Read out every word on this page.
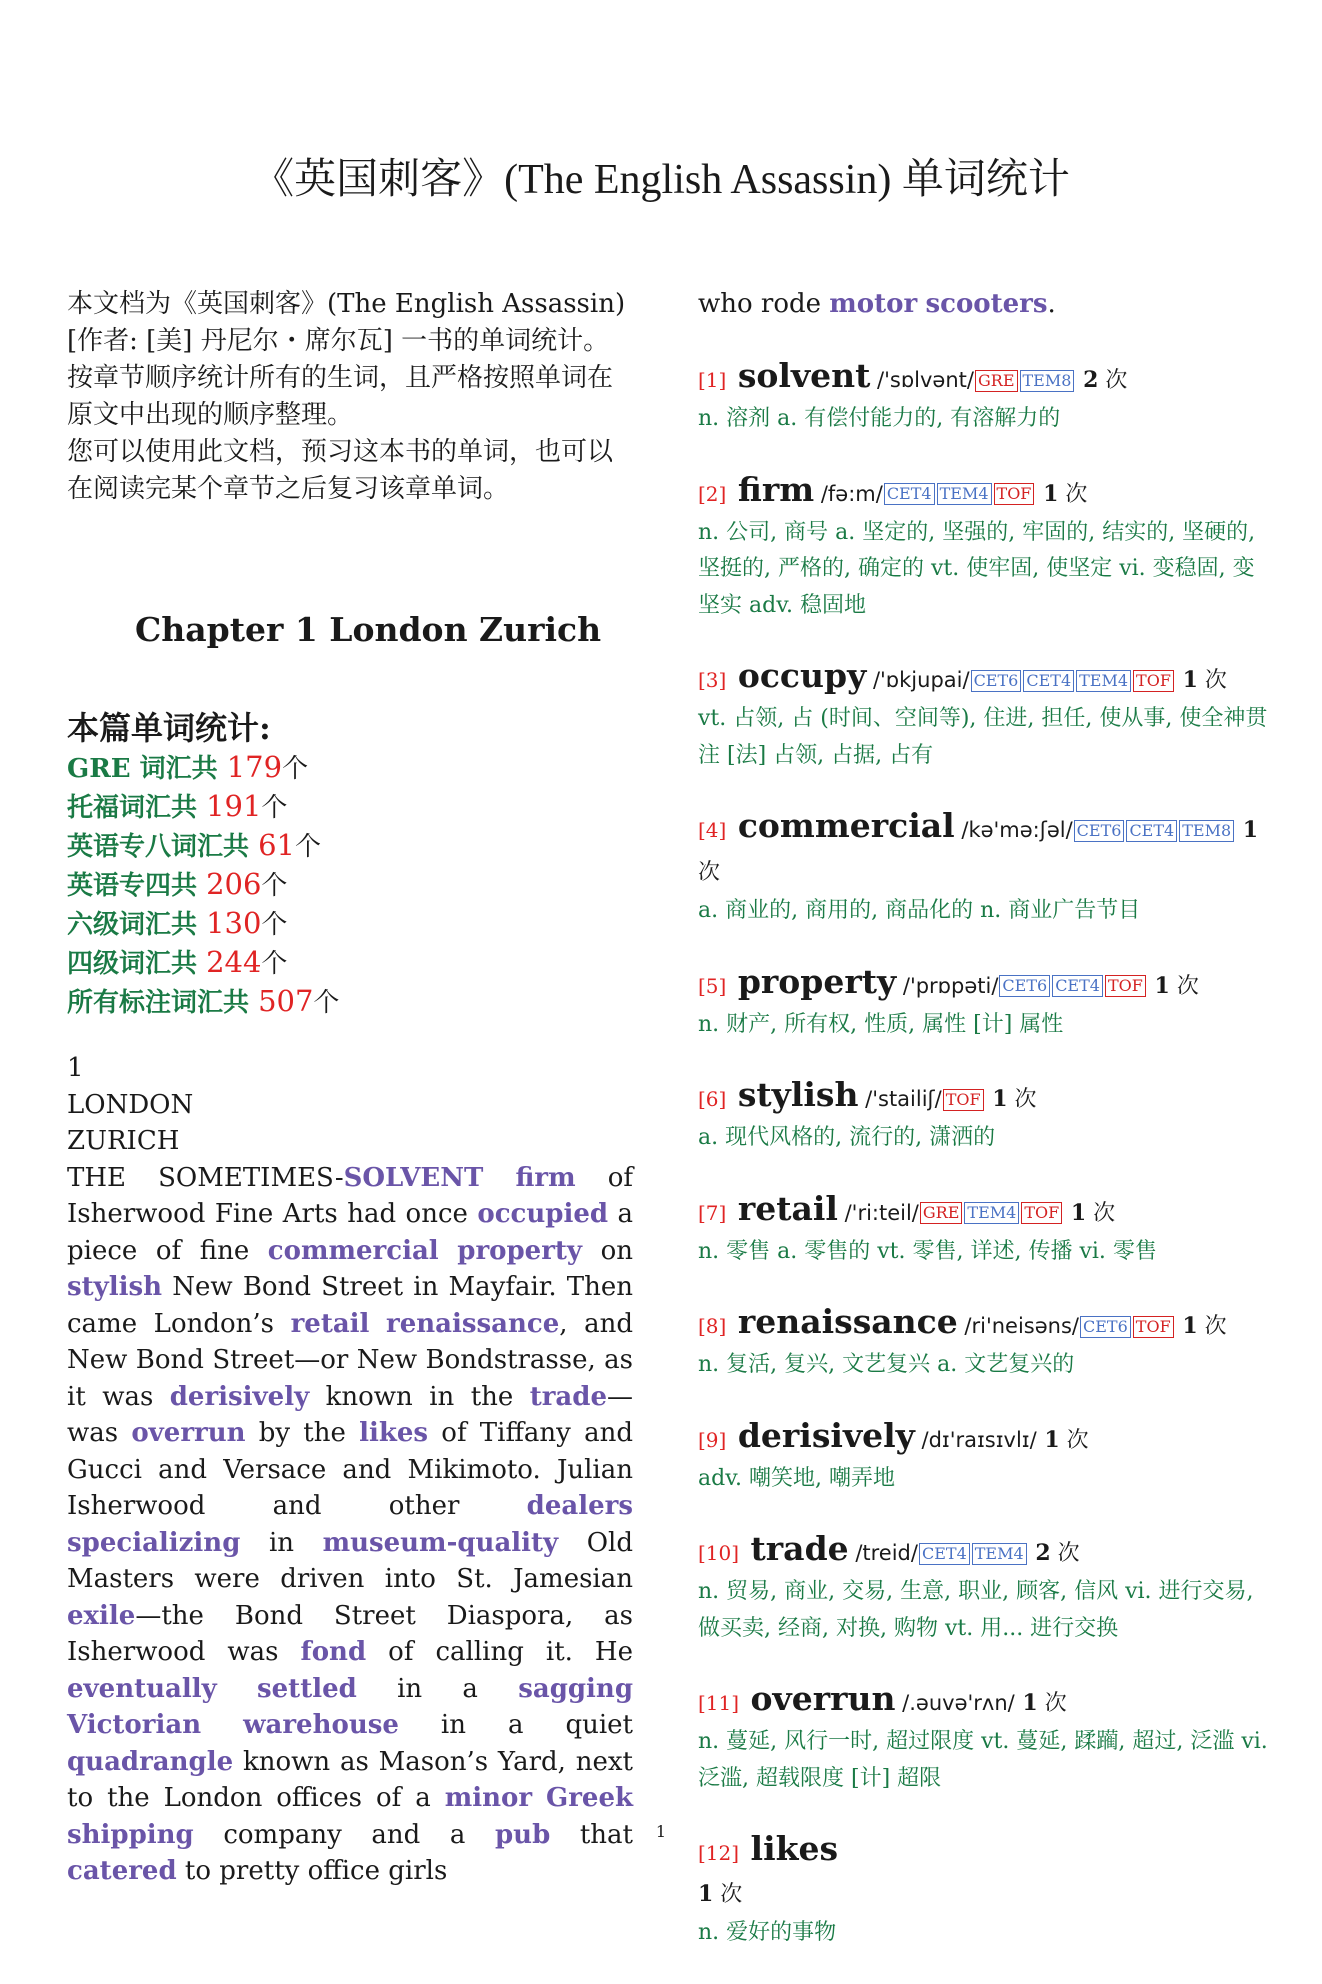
《英国刺客》(The English Assassin) 单词统计

本文档为《英国刺客》(The English Assassin)[作者: [美] 丹尼尔・席尔瓦] 一书的单词统计。

按章节顺序统计所有的生词，且严格按照单词在原文中出现的顺序整理。

您可以使用此文档，预习这本书的单词，也可以在阅读完某个章节之后复习该章单词。

Chapter 1 London Zurich
本篇单词统计:
GRE 词汇共 179个
托福词汇共 191个
英语专八词汇共 61个
英语专四共 206个
六级词汇共 130个
四级词汇共 244个
所有标注词汇共 507个
1
LONDON
ZURICH
THE SOMETIMES-SOLVENT firm of Isherwood Fine Arts had once occupied a piece of fine commercial property on stylish New Bond Street in Mayfair. Then came London’s retail renaissance, and New Bond Street—or New Bondstrasse, as it was derisively known in the trade—was overrun by the likes of Tiffany and Gucci and Versace and Mikimoto. Julian Isherwood and other dealers specializing in museum-quality Old Masters were driven into St. Jamesian exile—the Bond Street Diaspora, as Isherwood was fond of calling it. He eventually settled in a sagging Victorian warehouse in a quiet quadrangle known as Mason’s Yard, next to the London offices of a minor Greek shipping company and a pub that catered to pretty office girls
who rode motor scooters.
[1] solvent /'sɒlvənt/ GRE TEM8 2 次
n. 溶剂 a. 有偿付能力的, 有溶解力的
[2] firm /fə:m/ CET4 TEM4 TOF 1 次
n. 公司, 商号 a. 坚定的, 坚强的, 牢固的, 结实的, 坚硬的, 坚挺的, 严格的, 确定的 vt. 使牢固, 使坚定 vi. 变稳固, 变坚实 adv. 稳固地
[3] occupy /'ɒkjupai/ CET6 CET4 TEM4 TOF 1 次
vt. 占领, 占 (时间、空间等), 住进, 担任, 使从事, 使全神贯注 [法] 占领, 占据, 占有
[4] commercial /kə'mə:ʃəl/ CET6 CET4 TEM8 1 次
a. 商业的, 商用的, 商品化的 n. 商业广告节目
[5] property /'prɒpəti/ CET6 CET4 TOF 1 次
n. 财产, 所有权, 性质, 属性 [计] 属性
[6] stylish /'stailiʃ/ TOF 1 次
a. 现代风格的, 流行的, 潇洒的
[7] retail /'ri:teil/ GRE TEM4 TOF 1 次
n. 零售 a. 零售的 vt. 零售, 详述, 传播 vi. 零售
[8] renaissance /ri'neisəns/ CET6 TOF 1 次
n. 复活, 复兴, 文艺复兴 a. 文艺复兴的
[9] derisively /dɪ'raɪsɪvlɪ/ 1 次
adv. 嘲笑地, 嘲弄地
[10] trade /treid/ CET4 TEM4 2 次
n. 贸易, 商业, 交易, 生意, 职业, 顾客, 信风 vi. 进行交易, 做买卖, 经商, 对换, 购物 vt. 用... 进行交换
[11] overrun /.əuvə'rʌn/ 1 次
n. 蔓延, 风行一时, 超过限度 vt. 蔓延, 蹂躏, 超过, 泛滥 vi. 泛滥, 超载限度 [计] 超限
[12] likes
1 次
n. 爱好的事物
1
